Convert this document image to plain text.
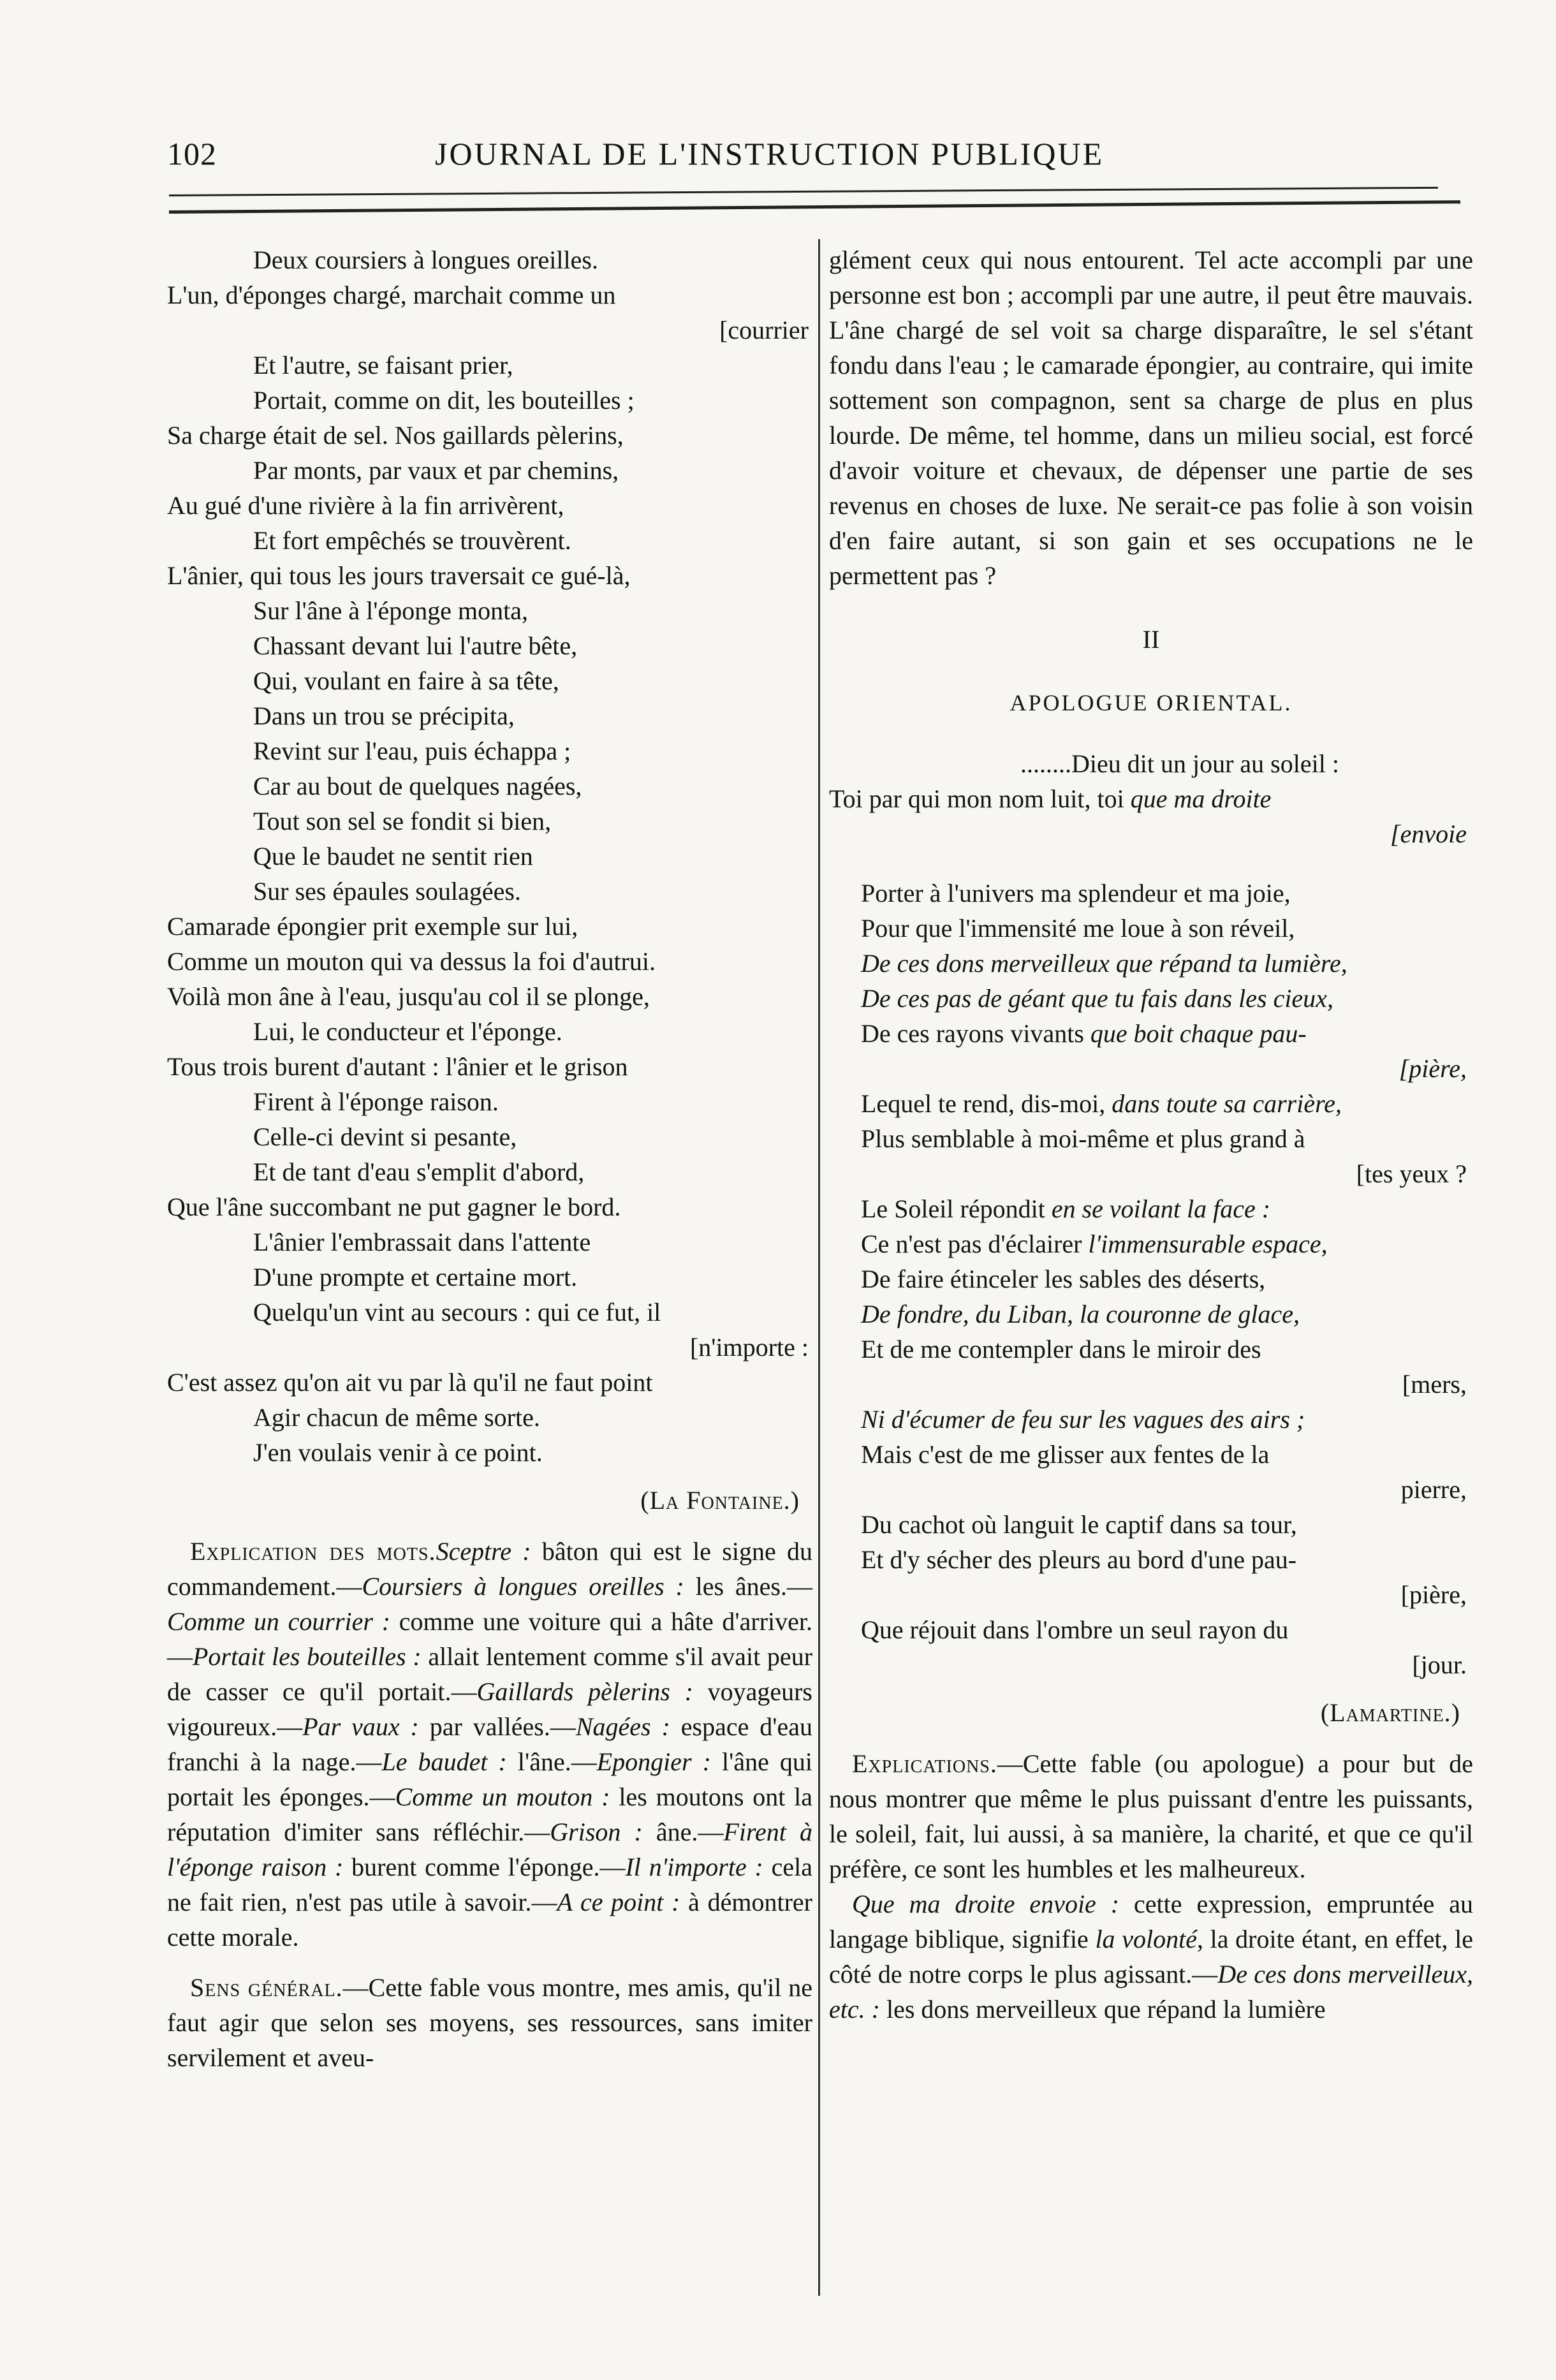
102	JOURNAL DE L'INSTRUCTION PUBLIQUE
Deux coursiers à longues oreilles.
L'un, d'éponges chargé, marchait comme un
[courrier
Et l'autre, se faisant prier,
Portait, comme on dit, les bouteilles ;
Sa charge était de sel. Nos gaillards pèlerins,
Par monts, par vaux et par chemins,
Au gué d'une rivière à la fin arrivèrent,
Et fort empêchés se trouvèrent.
L'ânier, qui tous les jours traversait ce gué-là,
Sur l'âne à l'éponge monta,
Chassant devant lui l'autre bête,
Qui, voulant en faire à sa tête,
Dans un trou se précipita,
Revint sur l'eau, puis échappa ;
Car au bout de quelques nagées,
Tout son sel se fondit si bien,
Que le baudet ne sentit rien
Sur ses épaules soulagées.
Camarade épongier prit exemple sur lui,
Comme un mouton qui va dessus la foi d'autrui.
Voilà mon âne à l'eau, jusqu'au col il se plonge,
Lui, le conducteur et l'éponge.
Tous trois burent d'autant : l'ânier et le grison
Firent à l'éponge raison.
Celle-ci devint si pesante,
Et de tant d'eau s'emplit d'abord,
Que l'âne succombant ne put gagner le bord.
L'ânier l'embrassait dans l'attente
D'une prompte et certaine mort.
Quelqu'un vint au secours : qui ce fut, il
[n'importe :
C'est assez qu'on ait vu par là qu'il ne faut point
Agir chacun de même sorte.
J'en voulais venir à ce point.
(La Fontaine.)

Explication des mots.Sceptre : bâton qui est le signe du commandement.—Coursiers à longues oreilles : les ânes.—Comme un courrier : comme une voiture qui a hâte d'arriver.—Portait les bouteilles : allait lentement comme s'il avait peur de casser ce qu'il portait.—Gaillards pèlerins : voyageurs vigoureux.—Par vaux : par vallées.—Nagées : espace d'eau franchi à la nage.—Le baudet : l'âne.—Epongier : l'âne qui portait les éponges.—Comme un mouton : les moutons ont la réputation d'imiter sans réfléchir.—Grison : âne.—Firent à l'éponge raison : burent comme l'éponge.—Il n'importe : cela ne fait rien, n'est pas utile à savoir.—A ce point : à démontrer cette morale.

Sens général.—Cette fable vous montre, mes amis, qu'il ne faut agir que selon ses moyens, ses ressources, sans imiter servilement et aveu-

glément ceux qui nous entourent. Tel acte accompli par une personne est bon ; accompli par une autre, il peut être mauvais. L'âne chargé de sel voit sa charge disparaître, le sel s'étant fondu dans l'eau ; le camarade épongier, au contraire, qui imite sottement son compagnon, sent sa charge de plus en plus lourde. De même, tel homme, dans un milieu social, est forcé d'avoir voiture et chevaux, de dépenser une partie de ses revenus en choses de luxe. Ne serait-ce pas folie à son voisin d'en faire autant, si son gain et ses occupations ne le permettent pas ?

II
APOLOGUE ORIENTAL.
........Dieu dit un jour au soleil :
Toi par qui mon nom luit, toi que ma droite
[envoie
Porter à l'univers ma splendeur et ma joie,
Pour que l'immensité me loue à son réveil,
De ces dons merveilleux que répand ta lumière,
De ces pas de géant que tu fais dans les cieux,
De ces rayons vivants que boit chaque pau-
[pière,
Lequel te rend, dis-moi, dans toute sa carrière,
Plus semblable à moi-même et plus grand à
[tes yeux ?
Le Soleil répondit en se voilant la face :
Ce n'est pas d'éclairer l'immensurable espace,
De faire étinceler les sables des déserts,
De fondre, du Liban, la couronne de glace,
Et de me contempler dans le miroir des
[mers,
Ni d'écumer de feu sur les vagues des airs ;
Mais c'est de me glisser aux fentes de la
pierre,
Du cachot où languit le captif dans sa tour,
Et d'y sécher des pleurs au bord d'une pau-
[pière,
Que réjouit dans l'ombre un seul rayon du
[jour.
(Lamartine.)

Explications.—Cette fable (ou apologue) a pour but de nous montrer que même le plus puissant d'entre les puissants, le soleil, fait, lui aussi, à sa manière, la charité, et que ce qu'il préfère, ce sont les humbles et les malheureux.

Que ma droite envoie : cette expression, empruntée au langage biblique, signifie la volonté, la droite étant, en effet, le côté de notre corps le plus agissant.—De ces dons merveilleux, etc. : les dons merveilleux que répand la lumière
